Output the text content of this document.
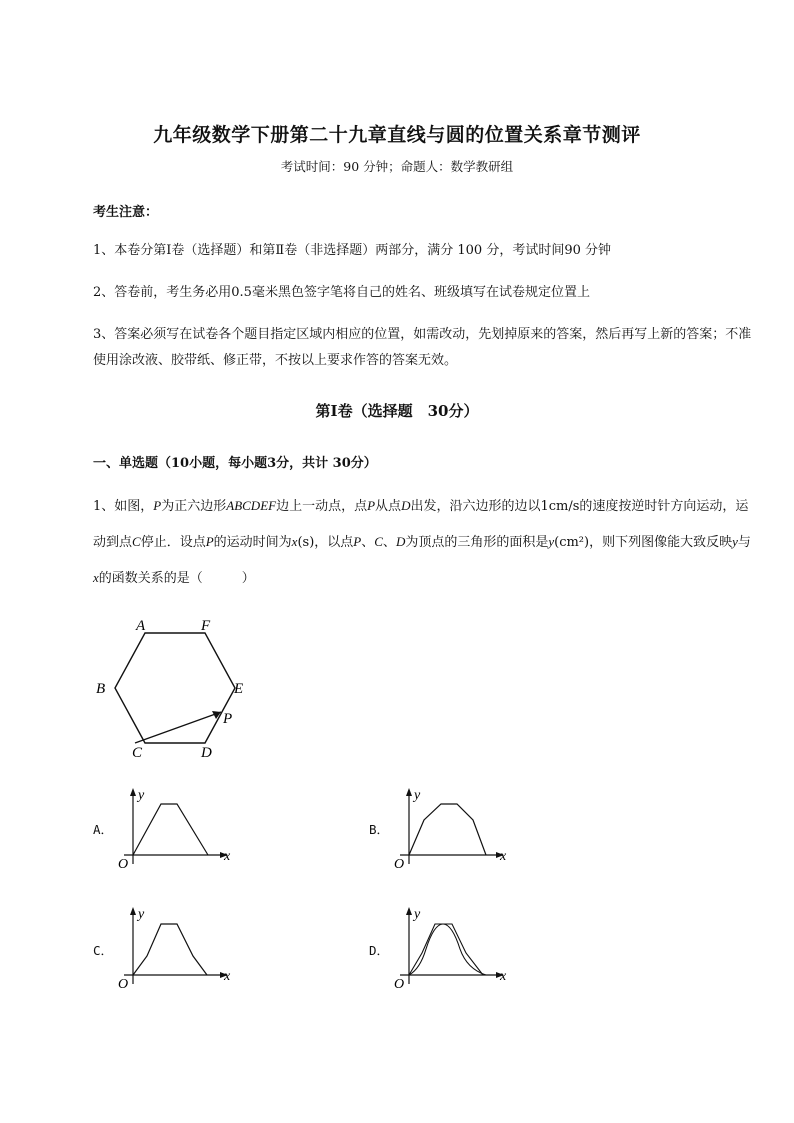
九年级数学下册第二十九章直线与圆的位置关系章节测评
考试时间：90 分钟；命题人：数学教研组
考生注意：
1、本卷分第Ⅰ卷（选择题）和第Ⅱ卷（非选择题）两部分，满分 100 分，考试时间90 分钟
2、答卷前，考生务必用0.5毫米黑色签字笔将自己的姓名、班级填写在试卷规定位置上
3、答案必须写在试卷各个题目指定区域内相应的位置，如需改动，先划掉原来的答案，然后再写上新的答案；不准使用涂改液、胶带纸、修正带，不按以上要求作答的答案无效。
第Ⅰ卷（选择题　30分）
一、单选题（10小题，每小题3分，共计 30分）
1、如图，P为正六边形ABCDEF边上一动点，点P从点D出发，沿六边形的边以1cm/s的速度按逆时针方向运动，运动到点C停止．设点P的运动时间为x(s)，以点P、C、D为顶点的三角形的面积是y(cm²)，则下列图像能大致反映y与x的函数关系的是（　　　）
A	F
B	E
P
C	D
A．
y
x
O
B．
y
x
O
C．
y
x
O
D．
y
x
O
